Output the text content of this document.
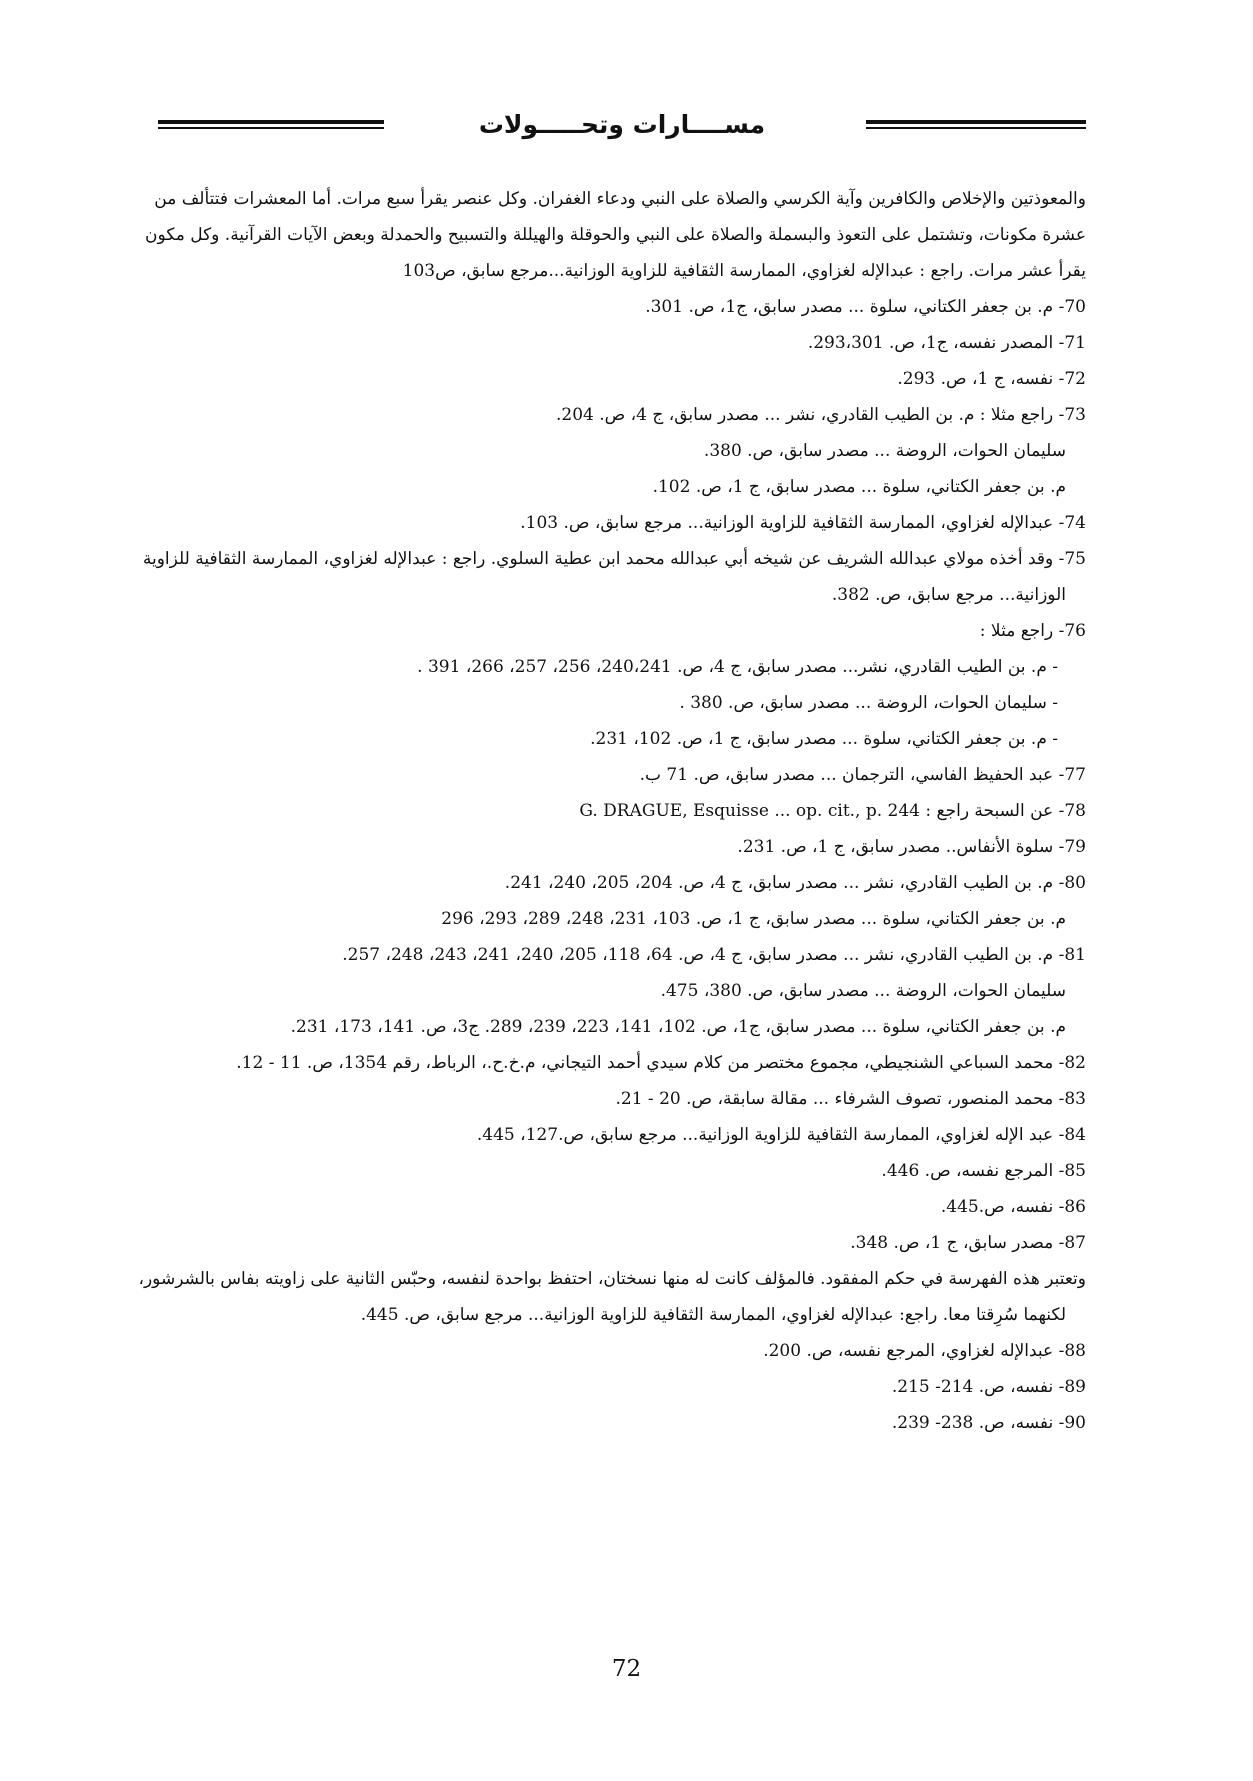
مســــارات وتحـــــولات
والمعوذتين والإخلاص والكافرين وآية الكرسي والصلاة على النبي ودعاء الغفران. وكل عنصر يقرأ سبع مرات. أما المعشرات فتتألف من
عشرة مكونات، وتشتمل على التعوذ والبسملة والصلاة على النبي والحوقلة والهيللة والتسبيح والحمدلة وبعض الآيات القرآنية. وكل مكون
يقرأ عشر مرات. راجع : عبدالإله لغزاوي، الممارسة الثقافية للزاوية الوزانية...مرجع سابق، ص103
70- م. بن جعفر الكتاني، سلوة ... مصدر سابق، ج1، ص. 301.
71- المصدر نفسه، ج1، ص. 293،301.
72- نفسه، ج 1، ص. 293.
73- راجع مثلا : م. بن الطيب القادري، نشر ... مصدر سابق، ج 4، ص. 204.
سليمان الحوات، الروضة ... مصدر سابق، ص. 380.
م. بن جعفر الكتاني، سلوة ... مصدر سابق، ج 1، ص. 102.
74- عبدالإله لغزاوي، الممارسة الثقافية للزاوية الوزانية... مرجع سابق، ص. 103.
75- وقد أخذه مولاي عبدالله الشريف عن شيخه أبي عبدالله محمد ابن عطية السلوي. راجع : عبدالإله لغزاوي، الممارسة الثقافية للزاوية
الوزانية... مرجع سابق، ص. 382.
76- راجع مثلا :
- م. بن الطيب القادري، نشر... مصدر سابق، ج 4، ص. 240،241، 256، 257، 266، 391 .
- سليمان الحوات، الروضة ... مصدر سابق، ص. 380 .
- م. بن جعفر الكتاني، سلوة ... مصدر سابق، ج 1، ص. 102، 231.
77- عبد الحفيظ الفاسي، الترجمان ... مصدر سابق، ص. 71 ب.
78- عن السبحة راجع : G. DRAGUE, Esquisse ... op. cit., p. 244
79- سلوة الأنفاس.. مصدر سابق، ج 1، ص. 231.
80- م. بن الطيب القادري، نشر ... مصدر سابق، ج 4، ص. 204، 205، 240، 241.
م. بن جعفر الكتاني، سلوة ... مصدر سابق، ج 1، ص. 103، 231، 248، 289، 293، 296
81- م. بن الطيب القادري، نشر ... مصدر سابق، ج 4، ص. 64، 118، 205، 240، 241، 243، 248، 257.
سليمان الحوات، الروضة ... مصدر سابق، ص. 380، 475.
م. بن جعفر الكتاني، سلوة ... مصدر سابق، ج1، ص. 102، 141، 223، 239، 289. ج3، ص. 141، 173، 231.
82- محمد السباعي الشنجيطي، مجموع مختصر من كلام سيدي أحمد التيجاني، م.خ.ح.، الرباط، رقم 1354، ص. 11 - 12.
83- محمد المنصور، تصوف الشرفاء ... مقالة سابقة، ص. 20 - 21.
84- عبد الإله لغزاوي، الممارسة الثقافية للزاوية الوزانية... مرجع سابق، ص.127، 445.
85- المرجع نفسه، ص. 446.
86- نفسه، ص.445.
87- مصدر سابق، ج 1، ص. 348.
وتعتبر هذه الفهرسة في حكم المفقود. فالمؤلف كانت له منها نسختان، احتفظ بواحدة لنفسه، وحبّس الثانية على زاويته بفاس بالشرشور،
لكنهما سُرِقتا معا. راجع: عبدالإله لغزاوي، الممارسة الثقافية للزاوية الوزانية... مرجع سابق، ص. 445.
88- عبدالإله لغزاوي، المرجع نفسه، ص. 200.
89- نفسه، ص. 214- 215.
90- نفسه، ص. 238- 239.
72
